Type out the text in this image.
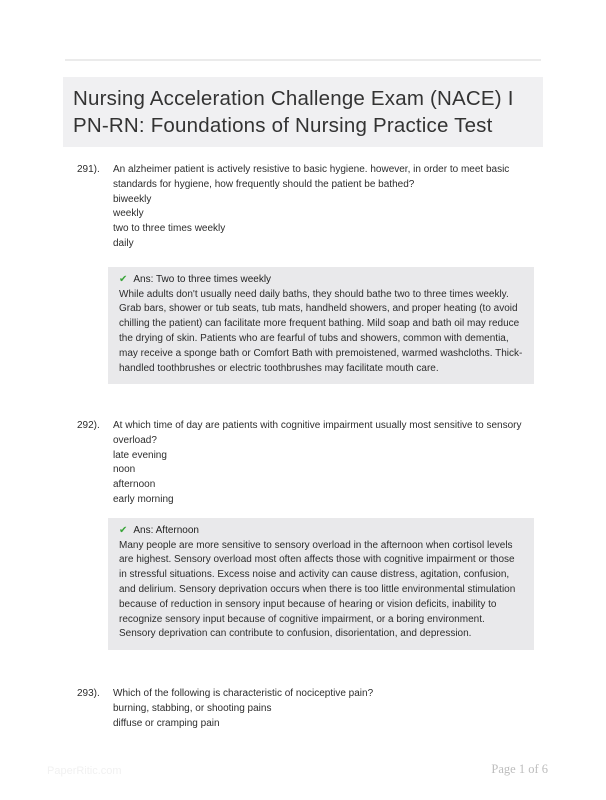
Nursing Acceleration Challenge Exam (NACE) I
PN-RN: Foundations of Nursing Practice Test
291).	An alzheimer patient is actively resistive to basic hygiene. however, in order to meet basic standards for hygiene, how frequently should the patient be bathed?
biweekly
weekly
two to three times weekly
daily
✔ Ans: Two to three times weekly
While adults don't usually need daily baths, they should bathe two to three times weekly. Grab bars, shower or tub seats, tub mats, handheld showers, and proper heating (to avoid chilling the patient) can facilitate more frequent bathing. Mild soap and bath oil may reduce the drying of skin. Patients who are fearful of tubs and showers, common with dementia, may receive a sponge bath or Comfort Bath with premoistened, warmed washcloths. Thick-handled toothbrushes or electric toothbrushes may facilitate mouth care.
292).	At which time of day are patients with cognitive impairment usually most sensitive to sensory overload?
late evening
noon
afternoon
early morning
✔ Ans: Afternoon
Many people are more sensitive to sensory overload in the afternoon when cortisol levels are highest. Sensory overload most often affects those with cognitive impairment or those in stressful situations. Excess noise and activity can cause distress, agitation, confusion, and delirium. Sensory deprivation occurs when there is too little environmental stimulation because of reduction in sensory input because of hearing or vision deficits, inability to recognize sensory input because of cognitive impairment, or a boring environment. Sensory deprivation can contribute to confusion, disorientation, and depression.
293).	Which of the following is characteristic of nociceptive pain?
burning, stabbing, or shooting pains
diffuse or cramping pain
PaperRitic.com	Page 1 of 6
